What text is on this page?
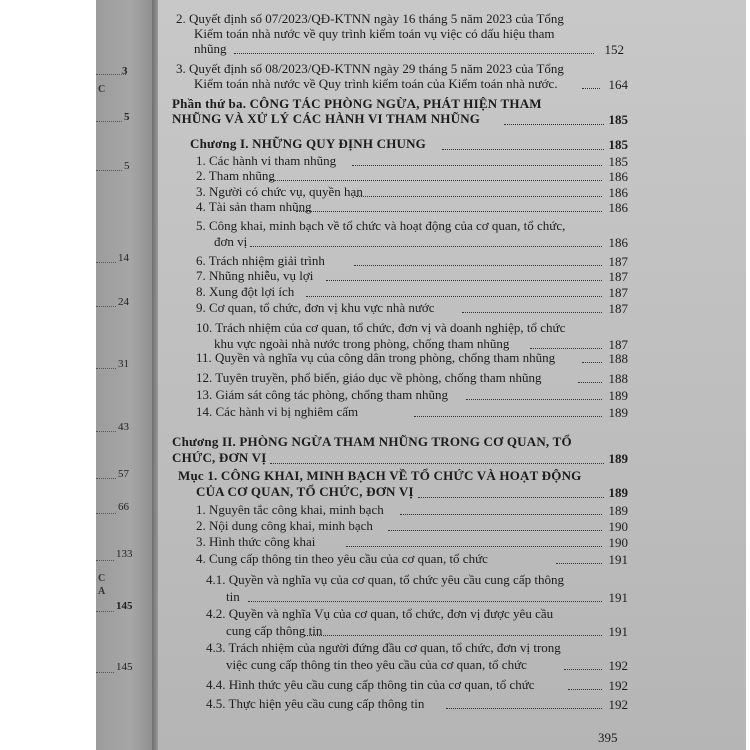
3
C
5
5
14
24
31
43
57
66
133
C
A
145
145
2. Quyết định số 07/2023/QĐ-KTNN ngày 16 tháng 5 năm 2023 của Tổng
Kiểm toán nhà nước về quy trình kiểm toán vụ việc có dấu hiệu tham
nhũng	152
3. Quyết định số 08/2023/QĐ-KTNN ngày 29 tháng 5 năm 2023 của Tổng
Kiểm toán nhà nước về Quy trình kiểm toán của Kiểm toán nhà nước.	164
Phần thứ ba. CÔNG TÁC PHÒNG NGỪA, PHÁT HIỆN THAM
NHŨNG VÀ XỬ LÝ CÁC HÀNH VI THAM NHŨNG	185
Chương I. NHỮNG QUY ĐỊNH CHUNG	185
1. Các hành vi tham nhũng	185
2. Tham nhũng	186
3. Người có chức vụ, quyền hạn	186
4. Tài sản tham nhũng	186
5. Công khai, minh bạch về tổ chức và hoạt động của cơ quan, tổ chức,
đơn vị	186
6. Trách nhiệm giải trình	187
7. Nhũng nhiễu, vụ lợi	187
8. Xung đột lợi ích	187
9. Cơ quan, tổ chức, đơn vị khu vực nhà nước	187
10. Trách nhiệm của cơ quan, tổ chức, đơn vị và doanh nghiệp, tổ chức
khu vực ngoài nhà nước trong phòng, chống tham nhũng	187
11. Quyền và nghĩa vụ của công dân trong phòng, chống tham nhũng	188
12. Tuyên truyền, phổ biến, giáo dục về phòng, chống tham nhũng	188
13. Giám sát công tác phòng, chống tham nhũng	189
14. Các hành vi bị nghiêm cấm	189
Chương II. PHÒNG NGỪA THAM NHŨNG TRONG CƠ QUAN, TỔ
CHỨC, ĐƠN VỊ	189
Mục 1. CÔNG KHAI, MINH BẠCH VỀ TỔ CHỨC VÀ HOẠT ĐỘNG
CỦA CƠ QUAN, TỔ CHỨC, ĐƠN VỊ	189
1. Nguyên tắc công khai, minh bạch	189
2. Nội dung công khai, minh bạch	190
3. Hình thức công khai	190
4. Cung cấp thông tin theo yêu cầu của cơ quan, tổ chức	191
4.1. Quyền và nghĩa vụ của cơ quan, tổ chức yêu cầu cung cấp thông
tin	191
4.2. Quyền và nghĩa Vụ của cơ quan, tổ chức, đơn vị được yêu cầu
cung cấp thông tin	191
4.3. Trách nhiệm của người đứng đầu cơ quan, tổ chức, đơn vị trong
việc cung cấp thông tin theo yêu cầu của cơ quan, tổ chức	192
4.4. Hình thức yêu cầu cung cấp thông tin của cơ quan, tổ chức	192
4.5. Thực hiện yêu cầu cung cấp thông tin	192
395
